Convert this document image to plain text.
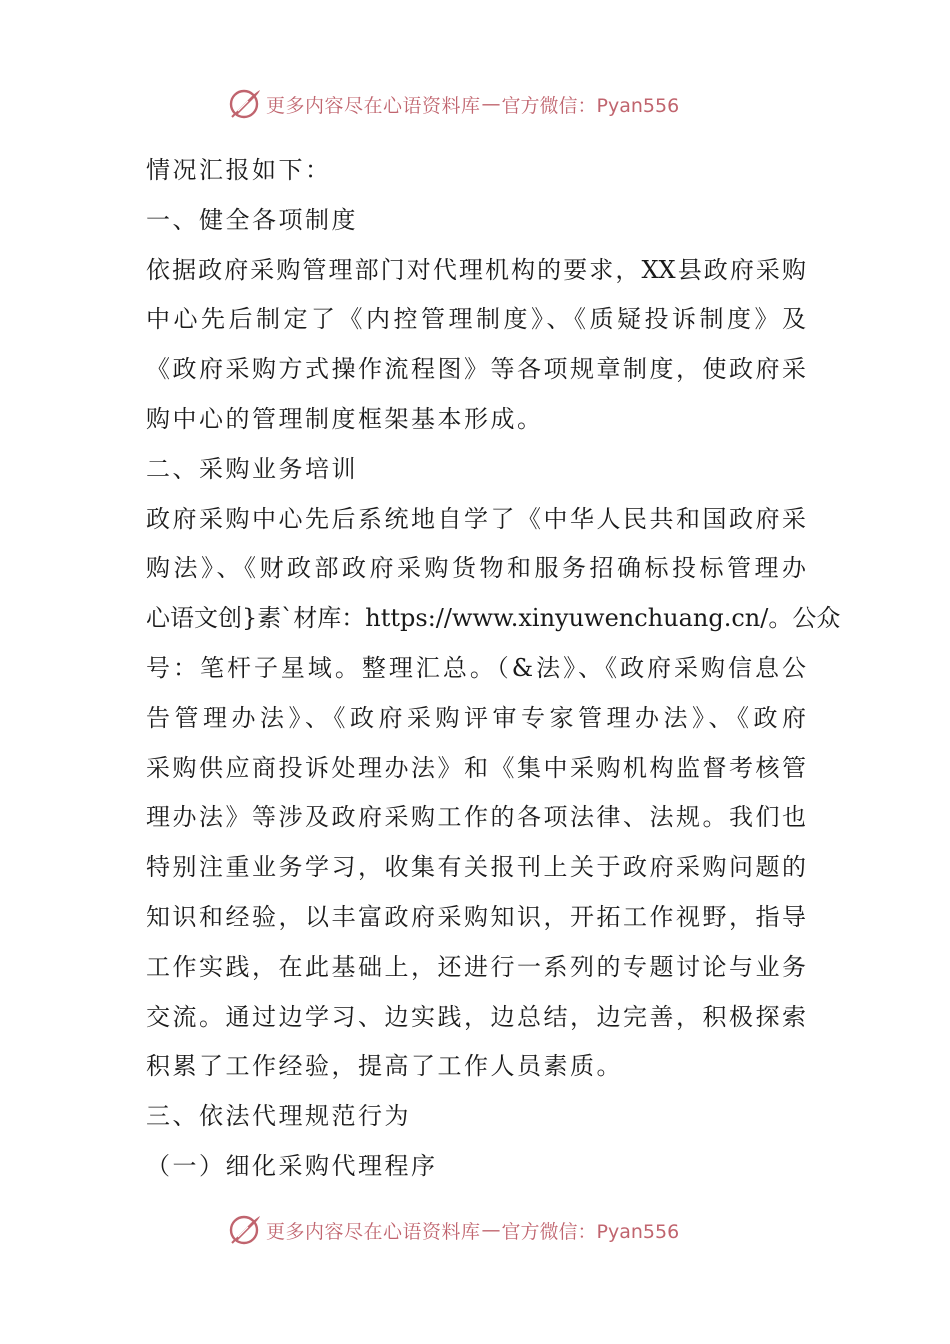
更多内容尽在心语资料库 — 官方微信：Pyan556
情况汇报如下：
一、健全各项制度
依据政府采购管理部门对代理机构的要求，XX县政府采购
中心先后制定了《内控管理制度》、《质疑投诉制度》及
《政府采购方式操作流程图》等各项规章制度，使政府采
购中心的管理制度框架基本形成。
二、采购业务培训
政府采购中心先后系统地自学了《中华人民共和国政府采
购法》、《财政部政府采购货物和服务招确标投标管理办
心语文创}素`材库：https://www.xinyuwenchuang.cn/。公众
号：笔杆子星域。整理汇总。（&法》、《政府采购信息公
告管理办法》、《政府采购评审专家管理办法》、《政府
采购供应商投诉处理办法》和《集中采购机构监督考核管
理办法》等涉及政府采购工作的各项法律、法规。我们也
特别注重业务学习，收集有关报刊上关于政府采购问题的
知识和经验，以丰富政府采购知识，开拓工作视野，指导
工作实践，在此基础上，还进行一系列的专题讨论与业务
交流。通过边学习、边实践，边总结，边完善，积极探索
积累了工作经验，提高了工作人员素质。
三、依法代理规范行为
（一）细化采购代理程序
更多内容尽在心语资料库 — 官方微信：Pyan556
